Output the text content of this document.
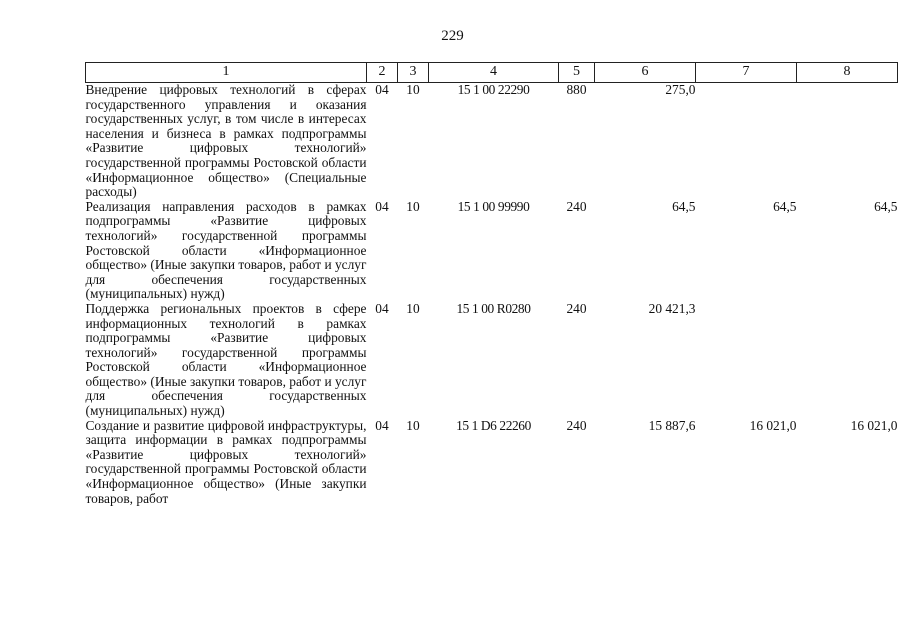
229
1	2	3	4	5	6	7	8
Внедрение цифровых технологий в сферах государственного управления и оказания государственных услуг, в том числе в интересах населения и бизнеса в рамках подпрограммы «Развитие цифровых технологий» государственной программы Ростовской области «Информационное общество» (Специальные расходы)	04	10	15 1 00 22290	880	275,0		
Реализация направления расходов в рамках подпрограммы «Развитие цифровых технологий» государственной программы Ростовской области «Информационное общество» (Иные закупки товаров, работ и услуг для обеспечения государственных (муниципальных) нужд)	04	10	15 1 00 99990	240	64,5	64,5	64,5
Поддержка региональных проектов в сфере информационных технологий в рамках подпрограммы «Развитие цифровых технологий» государственной программы Ростовской области «Информационное общество» (Иные закупки товаров, работ и услуг для обеспечения государственных (муниципальных) нужд)	04	10	15 1 00 R0280	240	20 421,3		
Создание и развитие цифровой инфраструктуры, защита информации в рамках подпрограммы «Развитие цифровых технологий» государственной программы Ростовской области «Информационное общество» (Иные закупки товаров, работ	04	10	15 1 D6 22260	240	15 887,6	16 021,0	16 021,0
